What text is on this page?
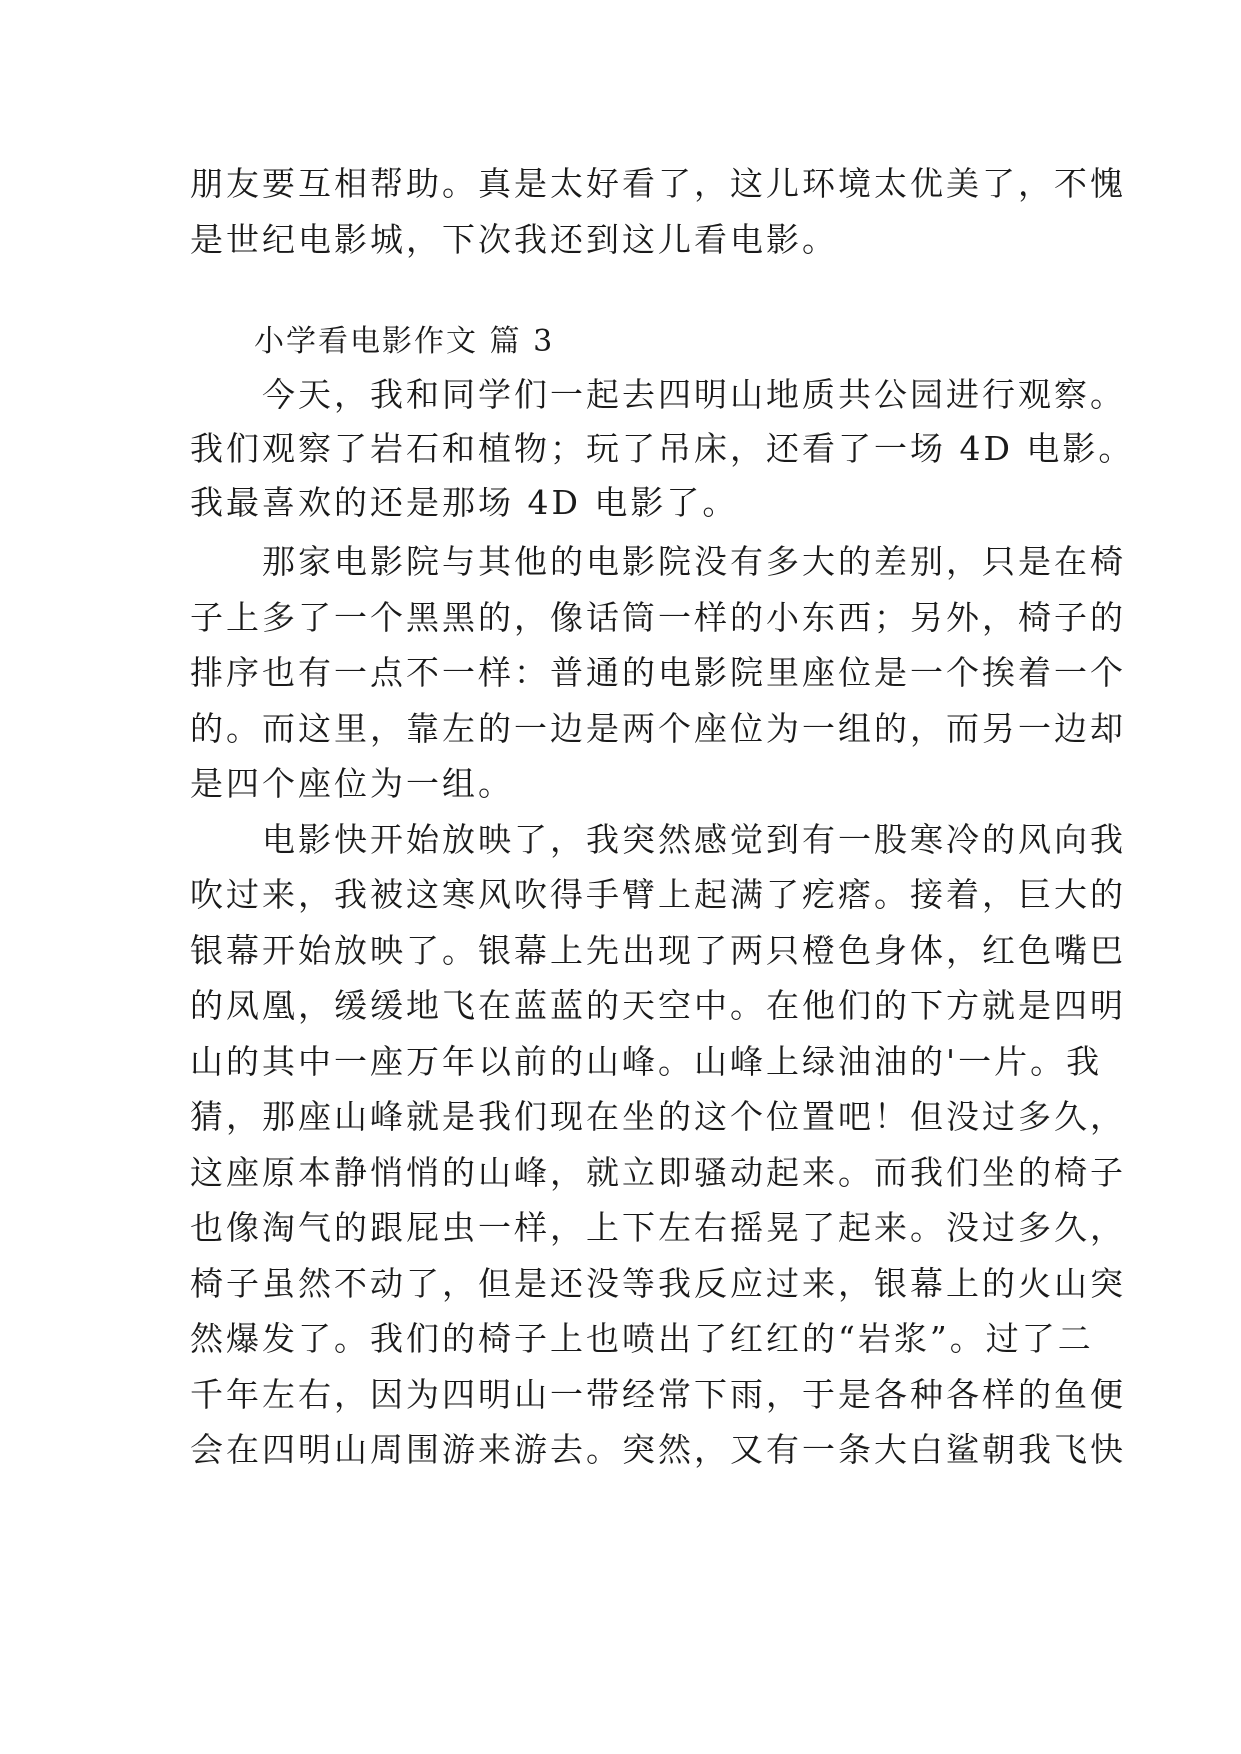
朋友要互相帮助。真是太好看了，这儿环境太优美了，不愧
是世纪电影城，下次我还到这儿看电影。
小学看电影作文 篇 3
　　今天，我和同学们一起去四明山地质共公园进行观察。
我们观察了岩石和植物；玩了吊床，还看了一场 4D 电影。
我最喜欢的还是那场 4D 电影了。
　　那家电影院与其他的电影院没有多大的差别，只是在椅
子上多了一个黑黑的，像话筒一样的小东西；另外，椅子的
排序也有一点不一样：普通的电影院里座位是一个挨着一个
的。而这里，靠左的一边是两个座位为一组的，而另一边却
是四个座位为一组。
　　电影快开始放映了，我突然感觉到有一股寒冷的风向我
吹过来，我被这寒风吹得手臂上起满了疙瘩。接着，巨大的
银幕开始放映了。银幕上先出现了两只橙色身体，红色嘴巴
的凤凰，缓缓地飞在蓝蓝的天空中。在他们的下方就是四明
山的其中一座万年以前的山峰。山峰上绿油油的'一片。我
猜，那座山峰就是我们现在坐的这个位置吧！但没过多久，
这座原本静悄悄的山峰，就立即骚动起来。而我们坐的椅子
也像淘气的跟屁虫一样，上下左右摇晃了起来。没过多久，
椅子虽然不动了，但是还没等我反应过来，银幕上的火山突
然爆发了。我们的椅子上也喷出了红红的“岩浆”。过了二
千年左右，因为四明山一带经常下雨，于是各种各样的鱼便
会在四明山周围游来游去。突然，又有一条大白鲨朝我飞快
